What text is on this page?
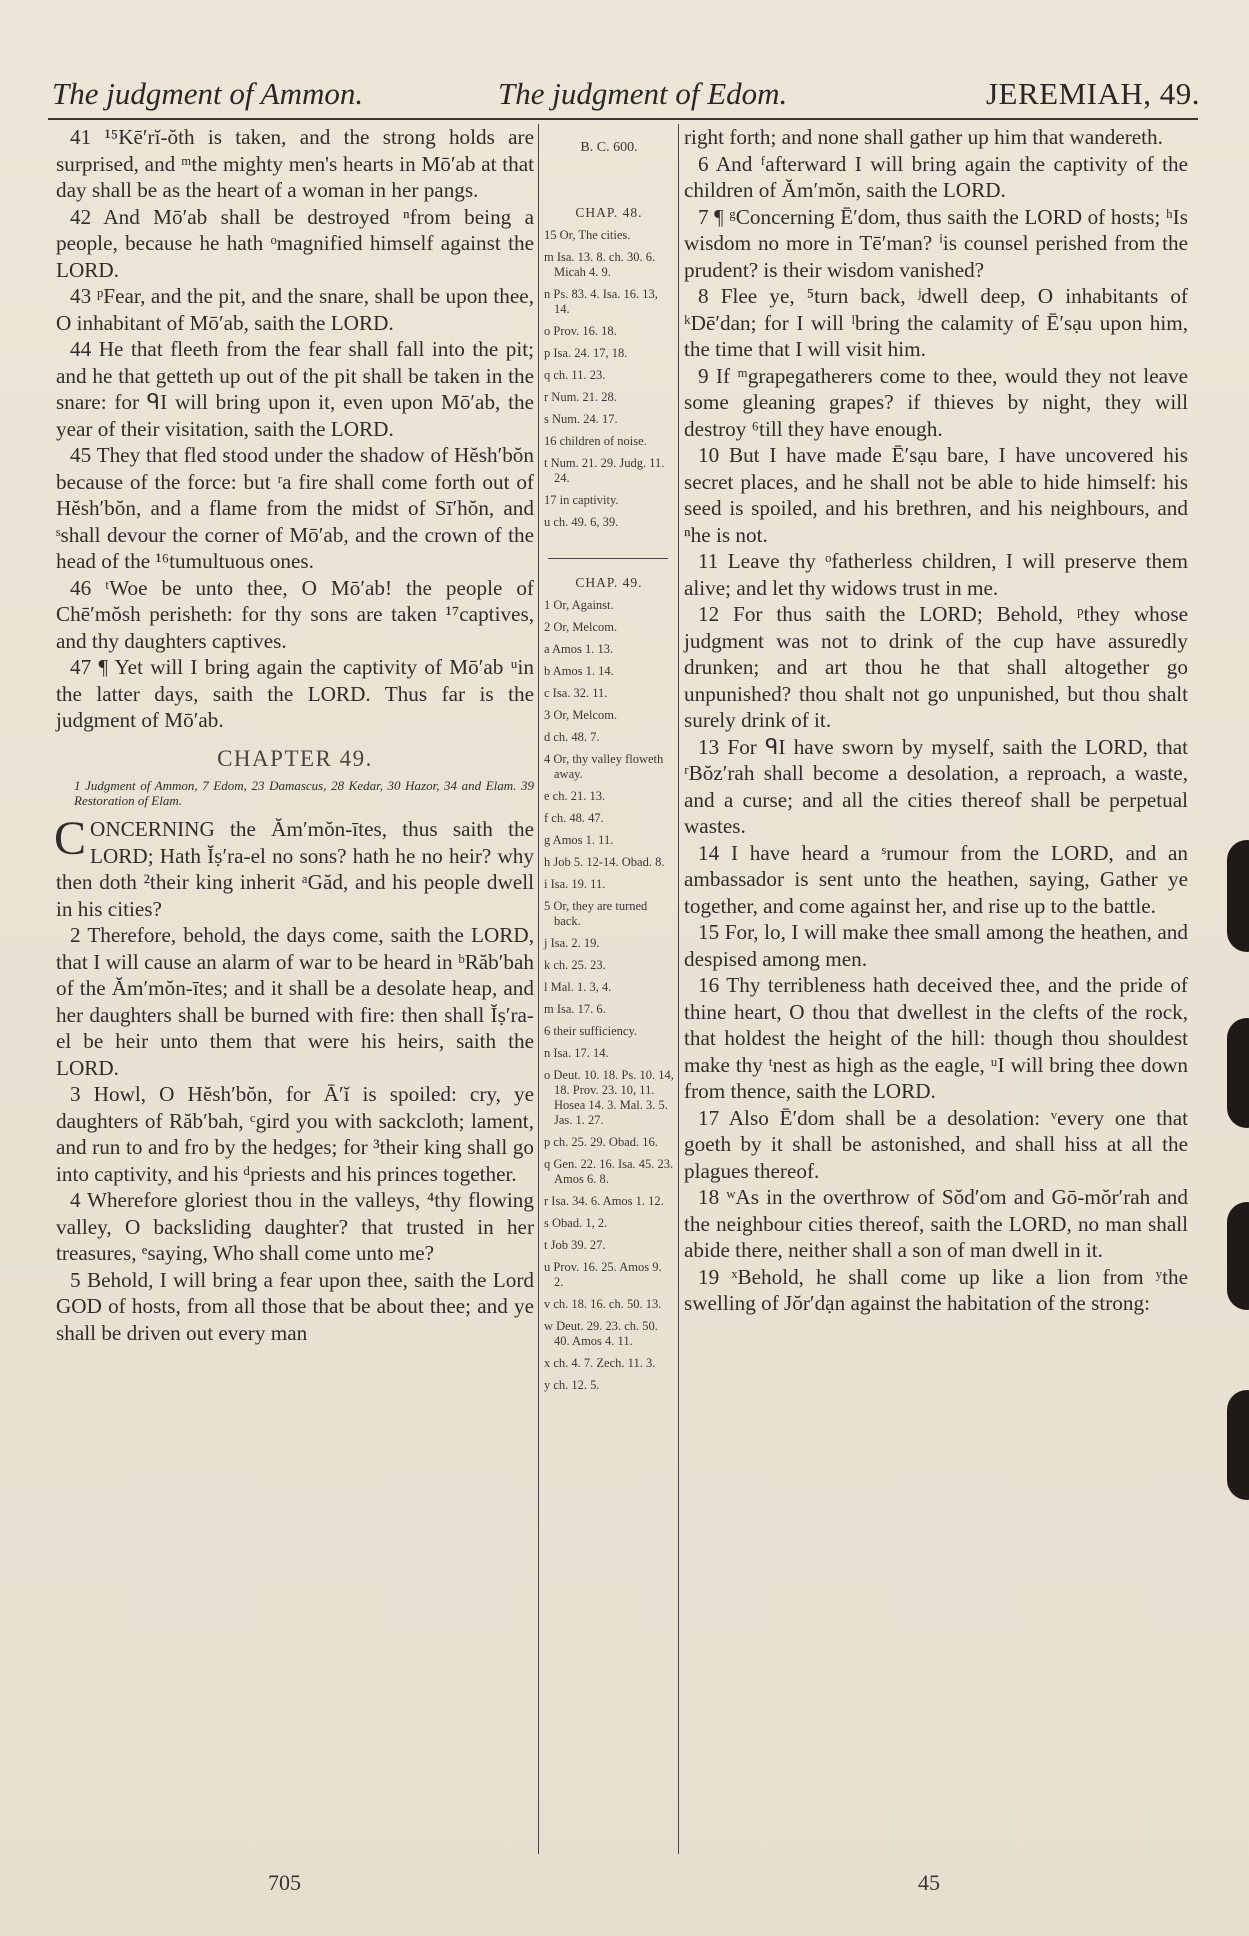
The judgment of Ammon.	The judgment of Edom.	JEREMIAH, 49.

41 ¹⁵Kē′rĭ-ŏth is taken, and the strong holds are surprised, and ᵐthe mighty men's hearts in Mō′ab at that day shall be as the heart of a woman in her pangs.

42 And Mō′ab shall be destroyed ⁿfrom being a people, because he hath ᵒmagnified himself against the LORD.

43 ᵖFear, and the pit, and the snare, shall be upon thee, O inhabitant of Mō′ab, saith the LORD.

44 He that fleeth from the fear shall fall into the pit; and he that getteth up out of the pit shall be taken in the snare: for ᑫI will bring upon it, even upon Mō′ab, the year of their visitation, saith the LORD.

45 They that fled stood under the shadow of Hĕsh′bŏn because of the force: but ʳa fire shall come forth out of Hĕsh′bŏn, and a flame from the midst of Sī′hŏn, and ˢshall devour the corner of Mō′ab, and the crown of the head of the ¹⁶tumultuous ones.

46 ᵗWoe be unto thee, O Mō′ab! the people of Chē′mŏsh perisheth: for thy sons are taken ¹⁷captives, and thy daughters captives.

47 ¶ Yet will I bring again the captivity of Mō′ab ᵘin the latter days, saith the LORD. Thus far is the judgment of Mō′ab.

CHAPTER 49.

1 Judgment of Ammon, 7 Edom, 23 Damascus, 28 Kedar, 30 Hazor, 34 and Elam. 39 Restoration of Elam.

CONCERNING the Ăm′mŏn-ītes, thus saith the LORD; Hath Ĭṣ′ra-el no sons? hath he no heir? why then doth ²their king inherit ᵃGăd, and his people dwell in his cities?

2 Therefore, behold, the days come, saith the LORD, that I will cause an alarm of war to be heard in ᵇRăb′bah of the Ăm′mŏn-ītes; and it shall be a desolate heap, and her daughters shall be burned with fire: then shall Ĭṣ′ra-el be heir unto them that were his heirs, saith the LORD.

3 Howl, O Hĕsh′bŏn, for Ā′ĭ is spoiled: cry, ye daughters of Răb′bah, ᶜgird you with sackcloth; lament, and run to and fro by the hedges; for ³their king shall go into captivity, and his ᵈpriests and his princes together.

4 Wherefore gloriest thou in the valleys, ⁴thy flowing valley, O backsliding daughter? that trusted in her treasures, ᵉsaying, Who shall come unto me?

5 Behold, I will bring a fear upon thee, saith the Lord GOD of hosts, from all those that be about thee; and ye shall be driven out every man

B. C. 600.
CHAP. 48.
15 Or, The cities.
m Isa. 13. 8. ch. 30. 6. Micah 4. 9.
n Ps. 83. 4. Isa. 16. 13, 14.
o Prov. 16. 18.
p Isa. 24. 17, 18.
q ch. 11. 23.
r Num. 21. 28.
s Num. 24. 17.
16 children of noise.
t Num. 21. 29. Judg. 11. 24.
17 in captivity.
u ch. 49. 6, 39.
CHAP. 49.
1 Or, Against.
2 Or, Melcom.
a Amos 1. 13.
b Amos 1. 14.
c Isa. 32. 11.
3 Or, Melcom.
d ch. 48. 7.
4 Or, thy valley floweth away.
e ch. 21. 13.
f ch. 48. 47.
g Amos 1. 11.
h Job 5. 12-14. Obad. 8.
i Isa. 19. 11.
5 Or, they are turned back.
j Isa. 2. 19.
k ch. 25. 23.
l Mal. 1. 3, 4.
m Isa. 17. 6.
6 their sufficiency.
n Isa. 17. 14.
o Deut. 10. 18. Ps. 10. 14, 18. Prov. 23. 10, 11. Hosea 14. 3. Mal. 3. 5. Jas. 1. 27.
p ch. 25. 29. Obad. 16.
q Gen. 22. 16. Isa. 45. 23. Amos 6. 8.
r Isa. 34. 6. Amos 1. 12.
s Obad. 1, 2.
t Job 39. 27.
u Prov. 16. 25. Amos 9. 2.
v ch. 18. 16. ch. 50. 13.
w Deut. 29. 23. ch. 50. 40. Amos 4. 11.
x ch. 4. 7. Zech. 11. 3.
y ch. 12. 5.

right forth; and none shall gather up him that wandereth.

6 And ᶠafterward I will bring again the captivity of the children of Ăm′mŏn, saith the LORD.

7 ¶ ᵍConcerning Ē′dom, thus saith the LORD of hosts; ʰIs wisdom no more in Tē′man? ⁱis counsel perished from the prudent? is their wisdom vanished?

8 Flee ye, ⁵turn back, ʲdwell deep, O inhabitants of ᵏDē′dan; for I will ˡbring the calamity of Ē′sạu upon him, the time that I will visit him.

9 If ᵐgrapegatherers come to thee, would they not leave some gleaning grapes? if thieves by night, they will destroy ⁶till they have enough.

10 But I have made Ē′sạu bare, I have uncovered his secret places, and he shall not be able to hide himself: his seed is spoiled, and his brethren, and his neighbours, and ⁿhe is not.

11 Leave thy ᵒfatherless children, I will preserve them alive; and let thy widows trust in me.

12 For thus saith the LORD; Behold, ᵖthey whose judgment was not to drink of the cup have assuredly drunken; and art thou he that shall altogether go unpunished? thou shalt not go unpunished, but thou shalt surely drink of it.

13 For ᑫI have sworn by myself, saith the LORD, that ʳBŏz′rah shall become a desolation, a reproach, a waste, and a curse; and all the cities thereof shall be perpetual wastes.

14 I have heard a ˢrumour from the LORD, and an ambassador is sent unto the heathen, saying, Gather ye together, and come against her, and rise up to the battle.

15 For, lo, I will make thee small among the heathen, and despised among men.

16 Thy terribleness hath deceived thee, and the pride of thine heart, O thou that dwellest in the clefts of the rock, that holdest the height of the hill: though thou shouldest make thy ᵗnest as high as the eagle, ᵘI will bring thee down from thence, saith the LORD.

17 Also Ē′dom shall be a desolation: ᵛevery one that goeth by it shall be astonished, and shall hiss at all the plagues thereof.

18 ʷAs in the overthrow of Sŏd′om and Gō-mŏr′rah and the neighbour cities thereof, saith the LORD, no man shall abide there, neither shall a son of man dwell in it.

19 ˣBehold, he shall come up like a lion from ʸthe swelling of Jŏr′dạn against the habitation of the strong:

705	45
